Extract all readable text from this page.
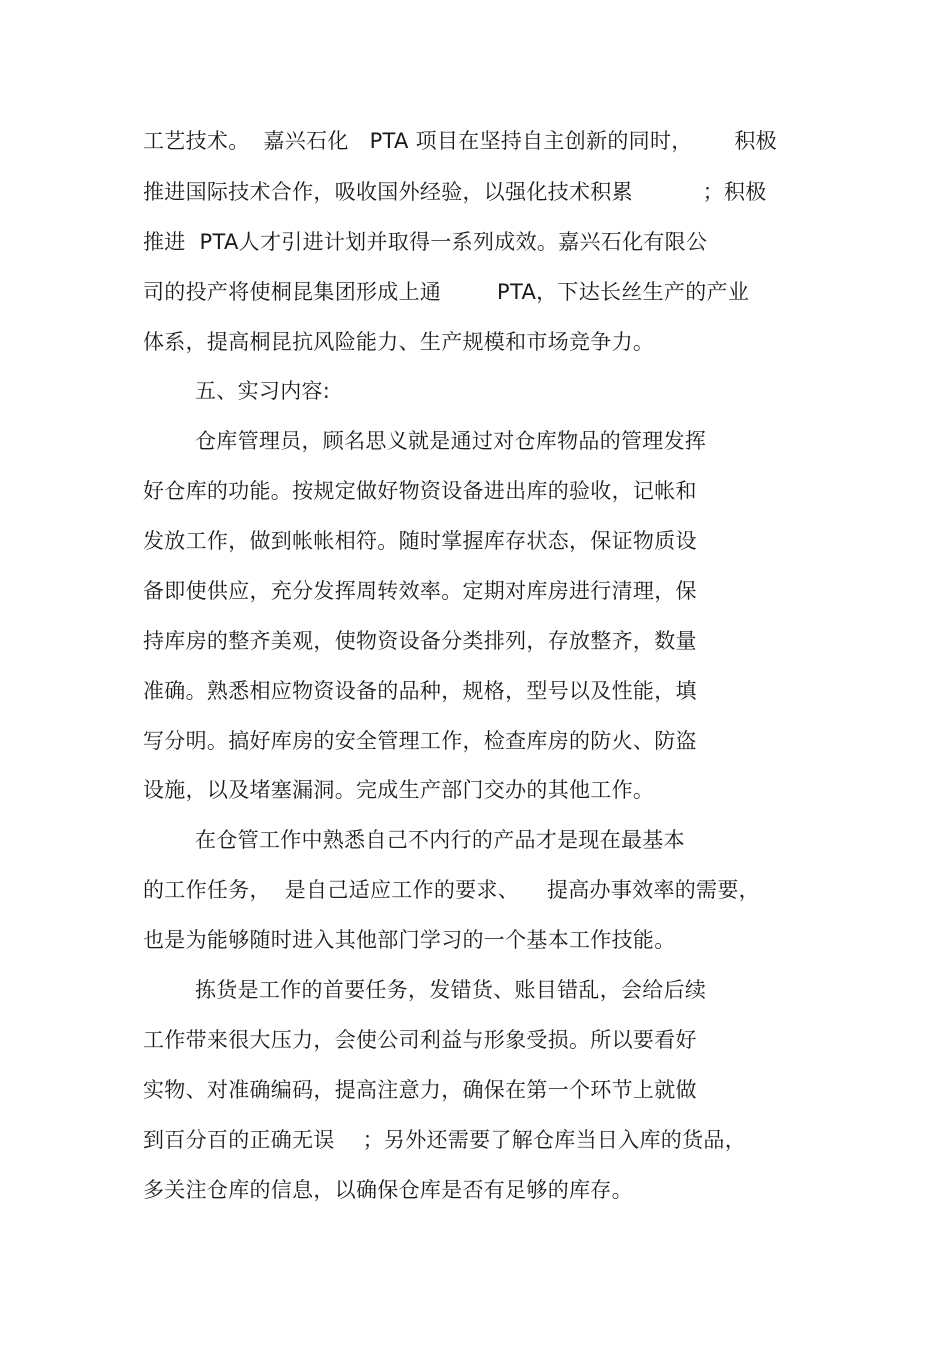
工艺技术。  嘉兴石化   PTA 项目在坚持自主创新的同时，      积极
推进国际技术合作，吸收国外经验，以强化技术积累          ；积极
推进  PTA人才引进计划并取得一系列成效。嘉兴石化有限公
司的投产将使桐昆集团形成上通        PTA，下达长丝生产的产业
体系，提高桐昆抗风险能力、生产规模和市场竞争力。
五、实习内容:
仓库管理员，顾名思义就是通过对仓库物品的管理发挥
好仓库的功能。按规定做好物资设备进出库的验收，记帐和
发放工作，做到帐帐相符。随时掌握库存状态，保证物质设
备即使供应，充分发挥周转效率。定期对库房进行清理，保
持库房的整齐美观，使物资设备分类排列，存放整齐，数量
准确。熟悉相应物资设备的品种，规格，型号以及性能，填
写分明。搞好库房的安全管理工作，检查库房的防火、防盗
设施，以及堵塞漏洞。完成生产部门交办的其他工作。
在仓管工作中熟悉自己不内行的产品才是现在最基本
的工作任务，  是自己适应工作的要求、    提高办事效率的需要，
也是为能够随时进入其他部门学习的一个基本工作技能。
拣货是工作的首要任务，发错货、账目错乱，会给后续
工作带来很大压力，会使公司利益与形象受损。所以要看好
实物、对准确编码，提高注意力，确保在第一个环节上就做
到百分百的正确无误    ；另外还需要了解仓库当日入库的货品，
多关注仓库的信息，以确保仓库是否有足够的库存。
